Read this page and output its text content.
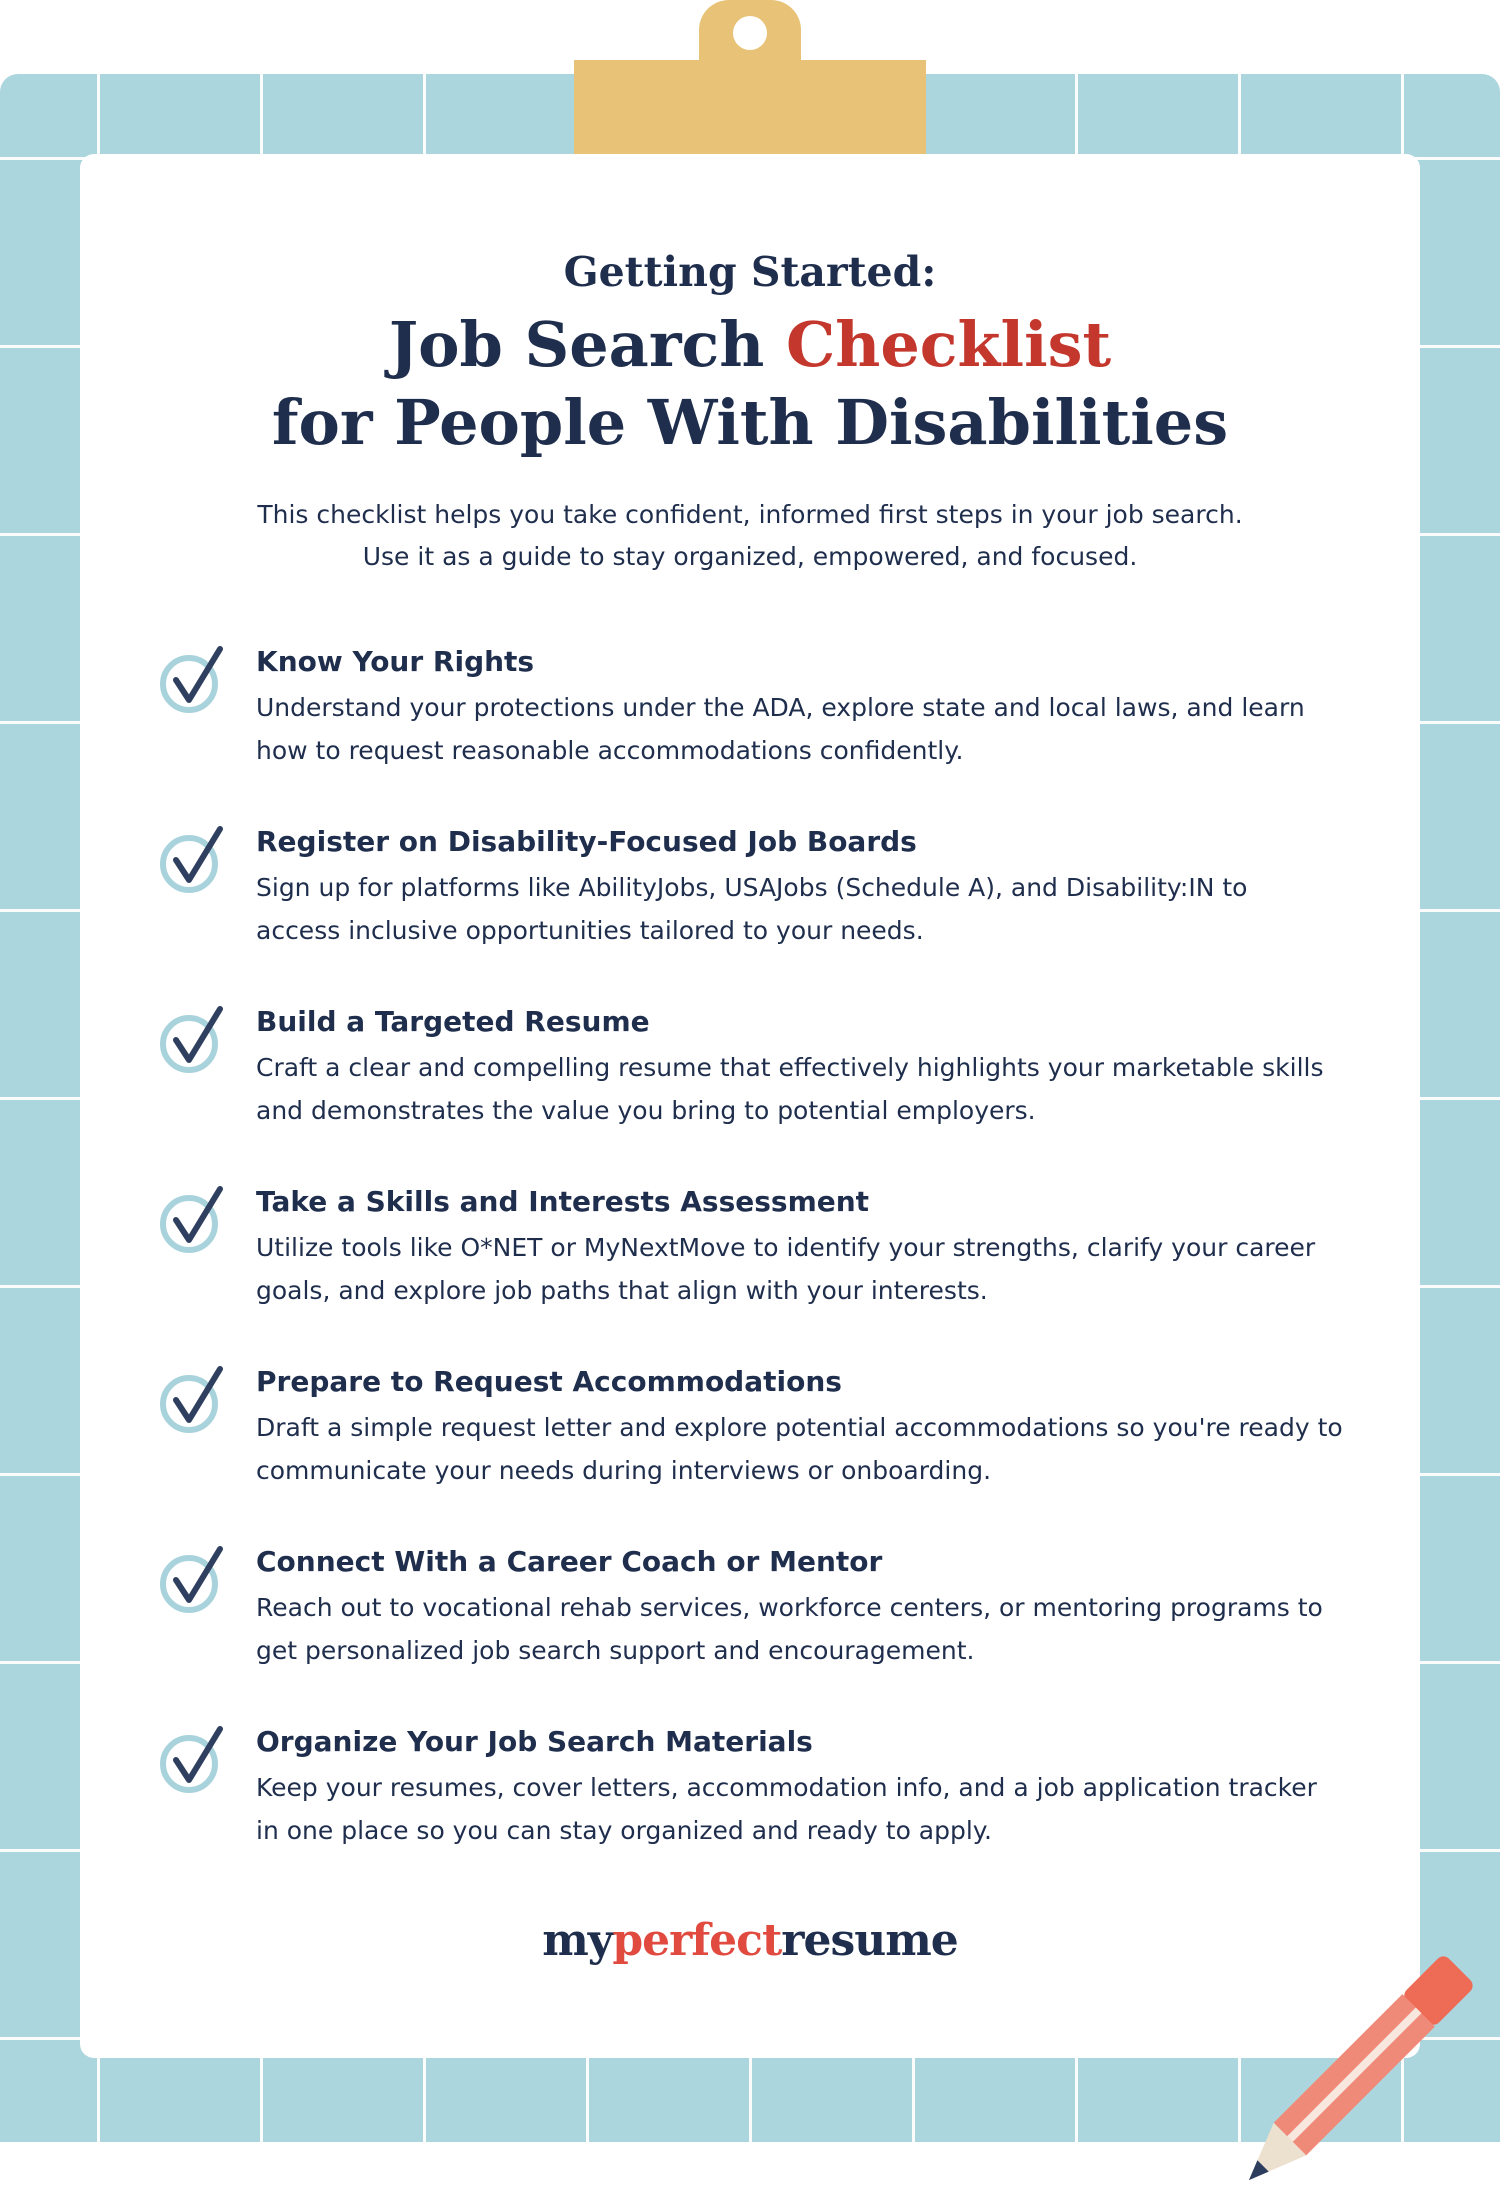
Getting Started:
Job Search Checklist
for People With Disabilities
This checklist helps you take confident, informed first steps in your job search.
Use it as a guide to stay organized, empowered, and focused.
Know Your Rights
Understand your protections under the ADA, explore state and local laws, and learn
how to request reasonable accommodations confidently.
Register on Disability-Focused Job Boards
Sign up for platforms like AbilityJobs, USAJobs (Schedule A), and Disability:IN to
access inclusive opportunities tailored to your needs.
Build a Targeted Resume
Craft a clear and compelling resume that effectively highlights your marketable skills
and demonstrates the value you bring to potential employers.
Take a Skills and Interests Assessment
Utilize tools like O*NET or MyNextMove to identify your strengths, clarify your career
goals, and explore job paths that align with your interests.
Prepare to Request Accommodations
Draft a simple request letter and explore potential accommodations so you're ready to
communicate your needs during interviews or onboarding.
Connect With a Career Coach or Mentor
Reach out to vocational rehab services, workforce centers, or mentoring programs to
get personalized job search support and encouragement.
Organize Your Job Search Materials
Keep your resumes, cover letters, accommodation info, and a job application tracker
in one place so you can stay organized and ready to apply.
myperfectresume
